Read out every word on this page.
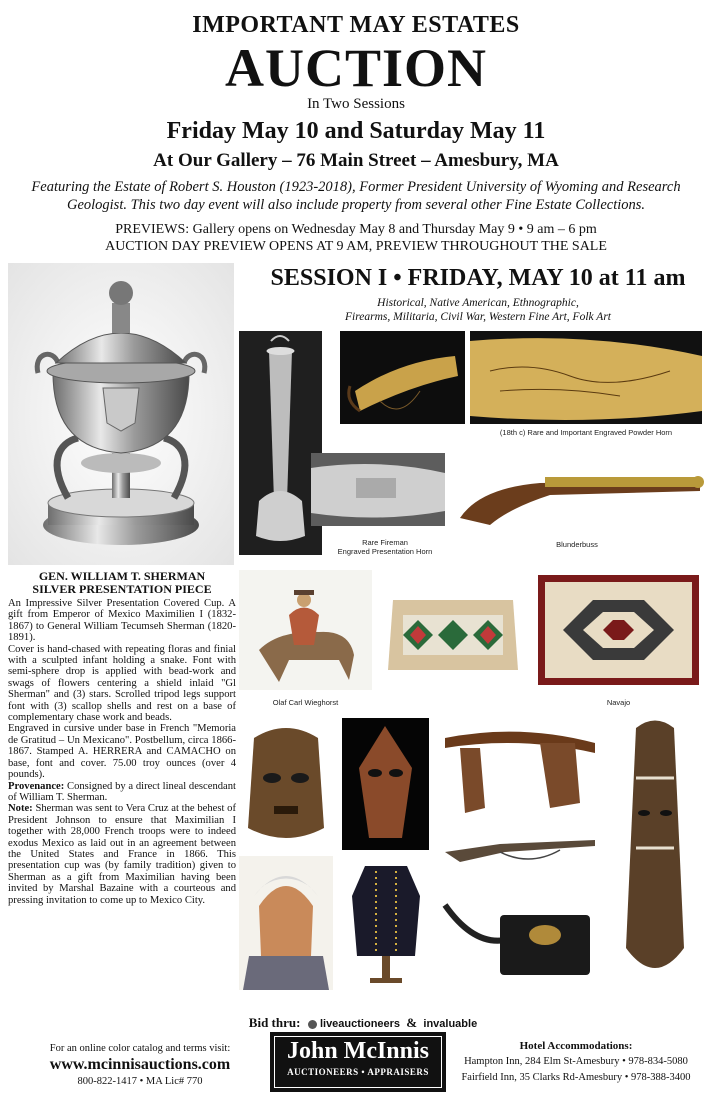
IMPORTANT MAY ESTATES
AUCTION
In Two Sessions
Friday May 10 and Saturday May 11
At Our Gallery – 76 Main Street – Amesbury, MA
Featuring the Estate of Robert S. Houston (1923-2018), Former President University of Wyoming and Research Geologist. This two day event will also include property from several other Fine Estate Collections.
PREVIEWS: Gallery opens on Wednesday May 8 and Thursday May 9 • 9 am – 6 pm
AUCTION DAY PREVIEW OPENS AT 9 AM, PREVIEW THROUGHOUT THE SALE
SESSION I • FRIDAY, MAY 10 at 11 am
Historical, Native American, Ethnographic,
Firearms, Militaria, Civil War, Western Fine Art, Folk Art
(18th c) Rare and Important Engraved Powder Horn
Rare Fireman
Engraved Presentation Horn
Blunderbuss
Olaf Carl Wieghorst	Navajo
GEN. WILLIAM T. SHERMAN
SILVER PRESENTATION PIECE

An Impressive Silver Presentation Covered Cup. A gift from Emperor of Mexico Maximilien I (1832-1867) to General William Tecumseh Sherman (1820-1891).

Cover is hand-chased with repeating floras and finial with a sculpted infant holding a snake. Font with semi-sphere drop is applied with bead-work and swags of flowers centering a shield inlaid "Gl Sherman" and (3) stars. Scrolled tripod legs support font with (3) scallop shells and rest on a base of complementary chase work and beads.

Engraved in cursive under base in French "Memoria de Gratitud – Un Mexicano". Postbellum, circa 1866-1867. Stamped A. HERRERA and CAMACHO on base, font and cover. 75.00 troy ounces (over 4 pounds).

Provenance: Consigned by a direct lineal descendant of William T. Sherman.

Note: Sherman was sent to Vera Cruz at the behest of President Johnson to ensure that Maximilian I together with 28,000 French troops were to indeed exodus Mexico as laid out in an agreement between the United States and France in 1866. This presentation cup was (by family tradition) given to Sherman as a gift from Maximilian having been invited by Marshal Bazaine with a courteous and pressing invitation to come up to Mexico City.

Bid thru: liveauctioneers & invaluable
For an online color catalog and terms visit:
www.mcinnisauctions.com
800-822-1417 • MA Lic# 770
John McInnis
AUCTIONEERS • APPRAISERS
Hotel Accommodations:
Hampton Inn, 284 Elm St-Amesbury • 978-834-5080
Fairfield Inn, 35 Clarks Rd-Amesbury • 978-388-3400
